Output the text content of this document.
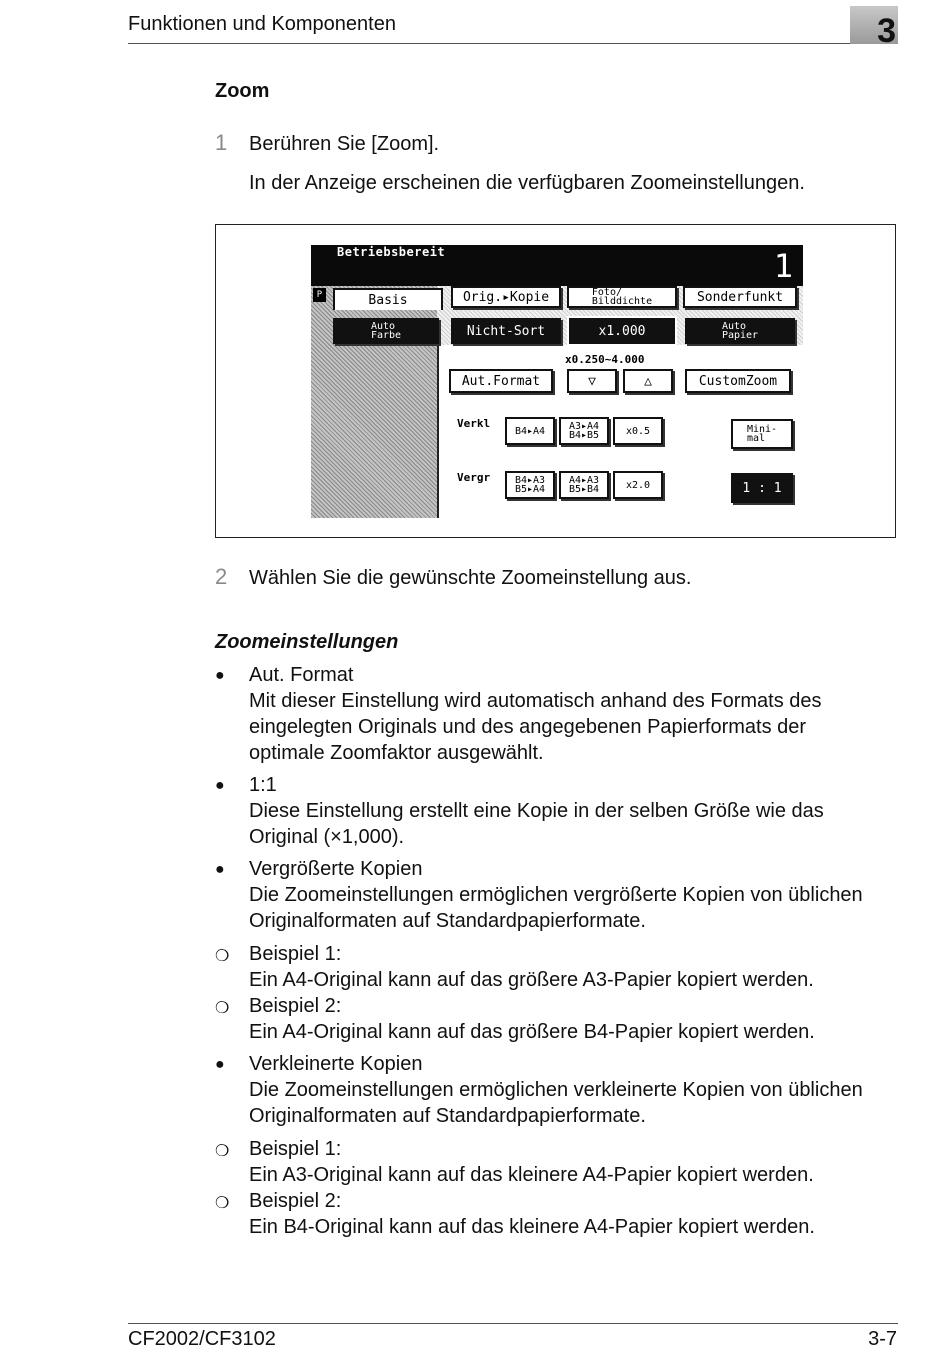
Funktionen und Komponenten	3
Zoom
1 Berühren Sie [Zoom].
In der Anzeige erscheinen die verfügbaren Zoomeinstellungen.
Betriebsbereit	1
P	Basis	Orig.▸Kopie	Foto/
Bilddichte	Sonderfunkt
Auto
Farbe	Nicht-Sort	x1.000	Auto
Papier
x0.250~4.000
Aut.Format	▽	△	CustomZoom
Verkl
B4▸A4 A3▸A4
B4▸B5	x0.5	Mini-
mal
Vergr B4▸A3
B5▸A4
A4▸A3
B5▸B4	x2.0	1 : 1
2 Wählen Sie die gewünschte Zoomeinstellung aus.
Zoomeinstellungen
● Aut. Format
Mit dieser Einstellung wird automatisch anhand des Formats des
eingelegten Originals und des angegebenen Papierformats der
optimale Zoomfaktor ausgewählt.
● 1:1
Diese Einstellung erstellt eine Kopie in der selben Größe wie das
Original (×1,000).
● Vergrößerte Kopien
Die Zoomeinstellungen ermöglichen vergrößerte Kopien von üblichen
Originalformaten auf Standardpapierformate.
❍ Beispiel 1:
Ein A4-Original kann auf das größere A3-Papier kopiert werden.
❍ Beispiel 2:
Ein A4-Original kann auf das größere B4-Papier kopiert werden.
● Verkleinerte Kopien
Die Zoomeinstellungen ermöglichen verkleinerte Kopien von üblichen
Originalformaten auf Standardpapierformate.
❍ Beispiel 1:
Ein A3-Original kann auf das kleinere A4-Papier kopiert werden.
❍ Beispiel 2:
Ein B4-Original kann auf das kleinere A4-Papier kopiert werden.
CF2002/CF3102	3-7
